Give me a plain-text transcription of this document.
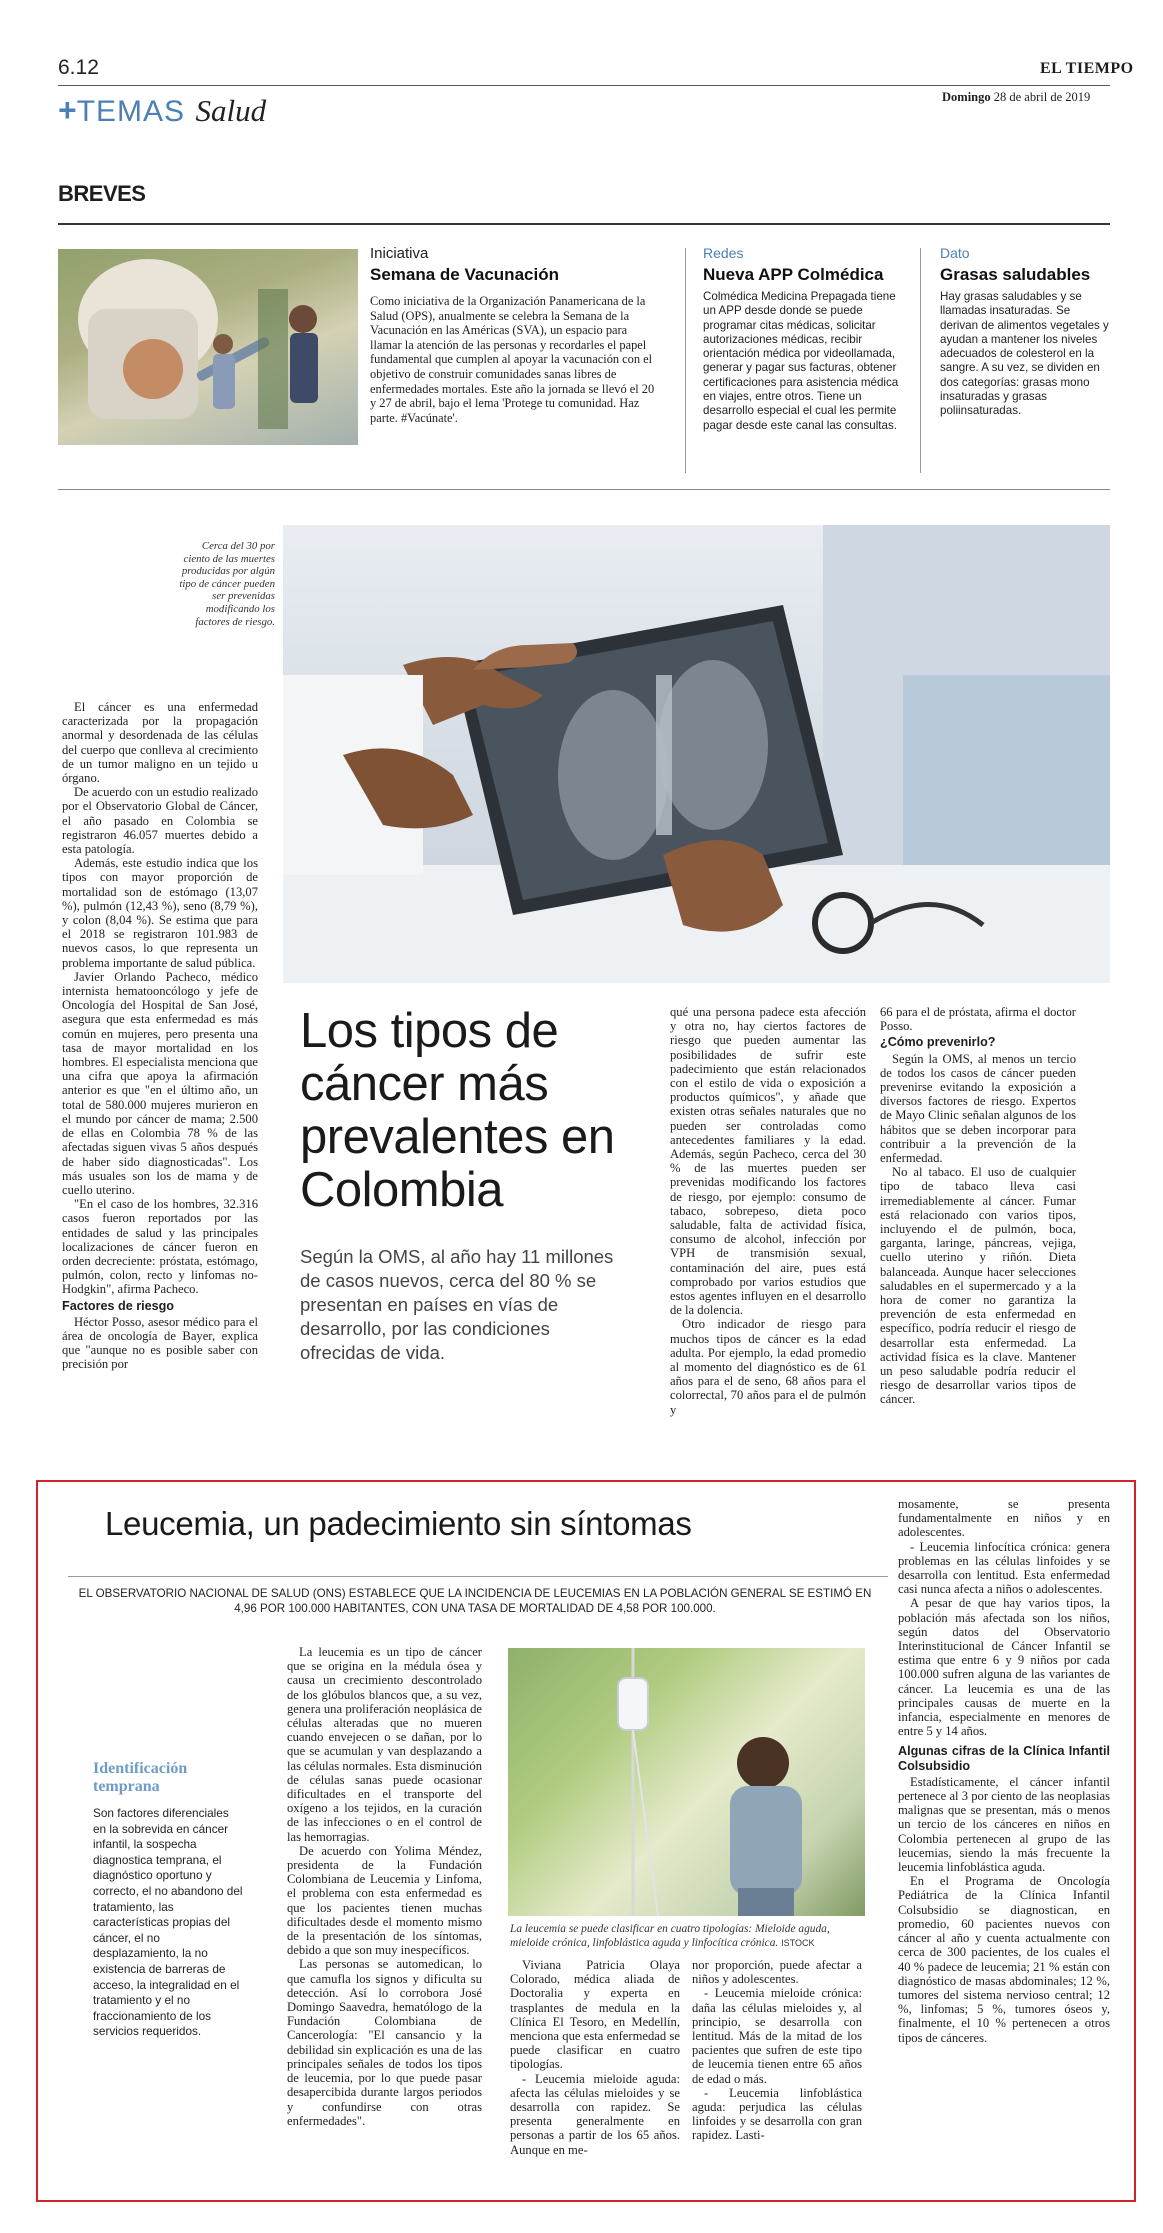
6.12	EL TIEMPO
+TEMAS Salud	Domingo 28 de abril de 2019
BREVES
Iniciativa
Semana de Vacunación
Como iniciativa de la Organización Panamericana de la Salud (OPS), anualmente se celebra la Semana de la Vacunación en las Américas (SVA), un espacio para llamar la atención de las personas y recordarles el papel fundamental que cumplen al apoyar la vacunación con el objetivo de construir comunidades sanas libres de enfermedades mortales. Este año la jornada se llevó el 20 y 27 de abril, bajo el lema 'Protege tu comunidad. Haz parte. #Vacúnate'.
Redes
Nueva APP Colmédica
Colmédica Medicina Prepagada tiene un APP desde donde se puede programar citas médicas, solicitar autorizaciones médicas, recibir orientación médica por videollamada, generar y pagar sus facturas, obtener certificaciones para asistencia médica en viajes, entre otros. Tiene un desarrollo especial el cual les permite pagar desde este canal las consultas.
Dato
Grasas saludables
Hay grasas saludables y se llamadas insaturadas. Se derivan de alimentos vegetales y ayudan a mantener los niveles adecuados de colesterol en la sangre. A su vez, se dividen en dos categorías: grasas mono insaturadas y grasas poliinsaturadas.
Cerca del 30 por ciento de las muertes producidas por algún tipo de cáncer pueden ser prevenidas modificando los factores de riesgo.
Los tipos de cáncer más prevalentes en Colombia
Según la OMS, al año hay 11 millones de casos nuevos, cerca del 80 % se presentan en países en vías de desarrollo, por las condiciones ofrecidas de vida.

El cáncer es una enfermedad caracterizada por la propagación anormal y desordenada de las células del cuerpo que conlleva al crecimiento de un tumor maligno en un tejido u órgano.

De acuerdo con un estudio realizado por el Observatorio Global de Cáncer, el año pasado en Colombia se registraron 46.057 muertes debido a esta patología.

Además, este estudio indica que los tipos con mayor proporción de mortalidad son de estómago (13,07 %), pulmón (12,43 %), seno (8,79 %), y colon (8,04 %). Se estima que para el 2018 se registraron 101.983 de nuevos casos, lo que representa un problema importante de salud pública.

Javier Orlando Pacheco, médico internista hematooncólogo y jefe de Oncología del Hospital de San José, asegura que esta enfermedad es más común en mujeres, pero presenta una tasa de mayor mortalidad en los hombres. El especialista menciona que una cifra que apoya la afirmación anterior es que "en el último año, un total de 580.000 mujeres murieron en el mundo por cáncer de mama; 2.500 de ellas en Colombia 78 % de las afectadas siguen vivas 5 años después de haber sido diagnosticadas". Los más usuales son los de mama y de cuello uterino.

"En el caso de los hombres, 32.316 casos fueron reportados por las entidades de salud y las principales localizaciones de cáncer fueron en orden decreciente: próstata, estómago, pulmón, colon, recto y linfomas no-Hodgkin", afirma Pacheco.

Factores de riesgo

Héctor Posso, asesor médico para el área de oncología de Bayer, explica que "aunque no es posible saber con precisión por

qué una persona padece esta afección y otra no, hay ciertos factores de riesgo que pueden aumentar las posibilidades de sufrir este padecimiento que están relacionados con el estilo de vida o exposición a productos químicos", y añade que existen otras señales naturales que no pueden ser controladas como antecedentes familiares y la edad. Además, según Pacheco, cerca del 30 % de las muertes pueden ser prevenidas modificando los factores de riesgo, por ejemplo: consumo de tabaco, sobrepeso, dieta poco saludable, falta de actividad física, consumo de alcohol, infección por VPH de transmisión sexual, contaminación del aire, pues está comprobado por varios estudios que estos agentes influyen en el desarrollo de la dolencia.

Otro indicador de riesgo para muchos tipos de cáncer es la edad adulta. Por ejemplo, la edad promedio al momento del diagnóstico es de 61 años para el de seno, 68 años para el colorrectal, 70 años para el de pulmón y

66 para el de próstata, afirma el doctor Posso.

¿Cómo prevenirlo?

Según la OMS, al menos un tercio de todos los casos de cáncer pueden prevenirse evitando la exposición a diversos factores de riesgo. Expertos de Mayo Clinic señalan algunos de los hábitos que se deben incorporar para contribuir a la prevención de la enfermedad.

No al tabaco. El uso de cualquier tipo de tabaco lleva casi irremediablemente al cáncer. Fumar está relacionado con varios tipos, incluyendo el de pulmón, boca, garganta, laringe, páncreas, vejiga, cuello uterino y riñón. Dieta balanceada. Aunque hacer selecciones saludables en el supermercado y a la hora de comer no garantiza la prevención de esta enfermedad en específico, podría reducir el riesgo de desarrollar esta enfermedad. La actividad física es la clave. Mantener un peso saludable podría reducir el riesgo de desarrollar varios tipos de cáncer.

Leucemia, un padecimiento sin síntomas
EL OBSERVATORIO NACIONAL DE SALUD (ONS) ESTABLECE QUE LA INCIDENCIA DE LEUCEMIAS EN LA POBLACIÓN GENERAL SE ESTIMÓ EN 4,96 POR 100.000 HABITANTES, CON UNA TASA DE MORTALIDAD DE 4,58 POR 100.000.
Identificación temprana
Son factores diferenciales en la sobrevida en cáncer infantil, la sospecha diagnostica temprana, el diagnóstico oportuno y correcto, el no abandono del tratamiento, las características propias del cáncer, el no desplazamiento, la no existencia de barreras de acceso, la integralidad en el tratamiento y el no fraccionamiento de los servicios requeridos.

La leucemia es un tipo de cáncer que se origina en la médula ósea y causa un crecimiento descontrolado de los glóbulos blancos que, a su vez, genera una proliferación neoplásica de células alteradas que no mueren cuando envejecen o se dañan, por lo que se acumulan y van desplazando a las células normales. Esta disminución de células sanas puede ocasionar dificultades en el transporte del oxígeno a los tejidos, en la curación de las infecciones o en el control de las hemorragias.

De acuerdo con Yolima Méndez, presidenta de la Fundación Colombiana de Leucemia y Linfoma, el problema con esta enfermedad es que los pacientes tienen muchas dificultades desde el momento mismo de la presentación de los síntomas, debido a que son muy inespecíficos.

Las personas se automedican, lo que camufla los signos y dificulta su detección. Así lo corrobora José Domingo Saavedra, hematólogo de la Fundación Colombiana de Cancerología: "El cansancio y la debilidad sin explicación es una de las principales señales de todos los tipos de leucemia, por lo que puede pasar desapercibida durante largos periodos y confundirse con otras enfermedades".

La leucemia se puede clasificar en cuatro tipologías: Mieloide aguda, mieloide crónica, linfoblástica aguda y linfocítica crónica. ISTOCK

Viviana Patricia Olaya Colorado, médica aliada de Doctoralia y experta en trasplantes de medula en la Clínica El Tesoro, en Medellín, menciona que esta enfermedad se puede clasificar en cuatro tipologías.

- Leucemia mieloide aguda: afecta las células mieloides y se desarrolla con rapidez. Se presenta generalmente en personas a partir de los 65 años. Aunque en me-

nor proporción, puede afectar a niños y adolescentes.

- Leucemia mieloide crónica: daña las células mieloides y, al principio, se desarrolla con lentitud. Más de la mitad de los pacientes que sufren de este tipo de leucemia tienen entre 65 años de edad o más.

- Leucemia linfoblástica aguda: perjudica las células linfoides y se desarrolla con gran rapidez. Lasti-

mosamente, se presenta fundamentalmente en niños y en adolescentes.

- Leucemia linfocítica crónica: genera problemas en las células linfoides y se desarrolla con lentitud. Esta enfermedad casi nunca afecta a niños o adolescentes.

A pesar de que hay varios tipos, la población más afectada son los niños, según datos del Observatorio Interinstitucional de Cáncer Infantil se estima que entre 6 y 9 niños por cada 100.000 sufren alguna de las variantes de cáncer. La leucemia es una de las principales causas de muerte en la infancia, especialmente en menores de entre 5 y 14 años.

Algunas cifras de la Clínica Infantil Colsubsidio

Estadísticamente, el cáncer infantil pertenece al 3 por ciento de las neoplasias malignas que se presentan, más o menos un tercio de los cánceres en niños en Colombia pertenecen al grupo de las leucemias, siendo la más frecuente la leucemia linfoblástica aguda.

En el Programa de Oncología Pediátrica de la Clínica Infantil Colsubsidio se diagnostican, en promedio, 60 pacientes nuevos con cáncer al año y cuenta actualmente con cerca de 300 pacientes, de los cuales el 40 % padece de leucemia; 21 % están con diagnóstico de masas abdominales; 12 %, tumores del sistema nervioso central; 12 %, linfomas; 5 %, tumores óseos y, finalmente, el 10 % pertenecen a otros tipos de cánceres.
